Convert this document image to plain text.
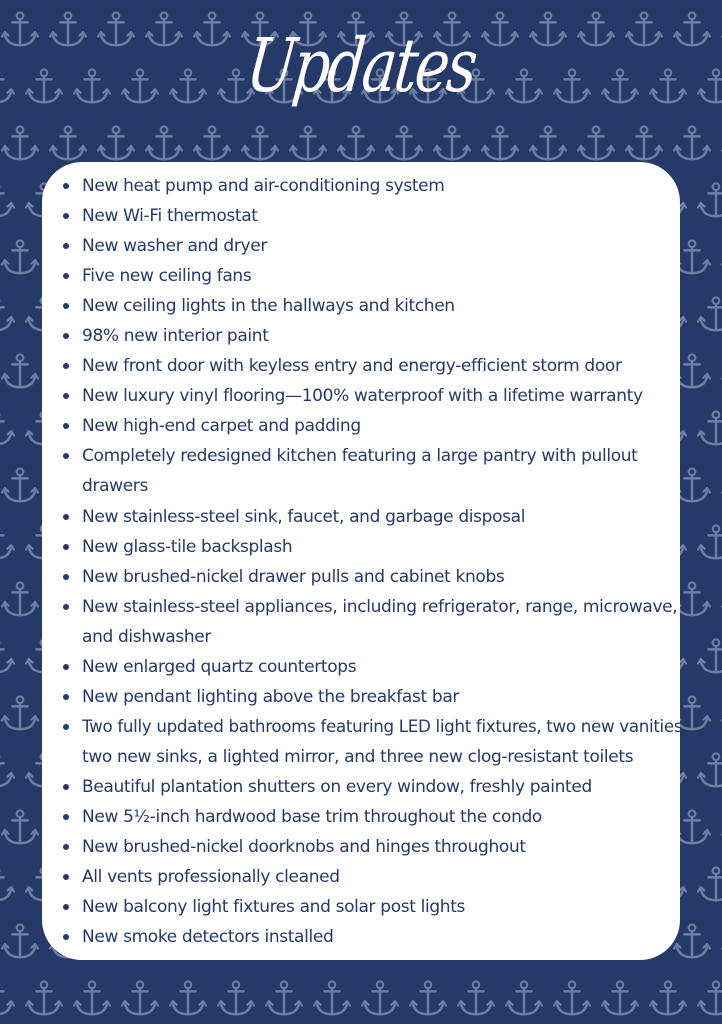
Updates
New heat pump and air-conditioning system
New Wi-Fi thermostat
New washer and dryer
Five new ceiling fans
New ceiling lights in the hallways and kitchen
98% new interior paint
New front door with keyless entry and energy-efficient storm door
New luxury vinyl flooring—100% waterproof with a lifetime warranty
New high-end carpet and padding
Completely redesigned kitchen featuring a large pantry with pullout
drawers
New stainless-steel sink, faucet, and garbage disposal
New glass-tile backsplash
New brushed-nickel drawer pulls and cabinet knobs
New stainless-steel appliances, including refrigerator, range, microwave,
and dishwasher
New enlarged quartz countertops
New pendant lighting above the breakfast bar
Two fully updated bathrooms featuring LED light fixtures, two new vanities,
two new sinks, a lighted mirror, and three new clog-resistant toilets
Beautiful plantation shutters on every window, freshly painted
New 5½-inch hardwood base trim throughout the condo
New brushed-nickel doorknobs and hinges throughout
All vents professionally cleaned
New balcony light fixtures and solar post lights
New smoke detectors installed
